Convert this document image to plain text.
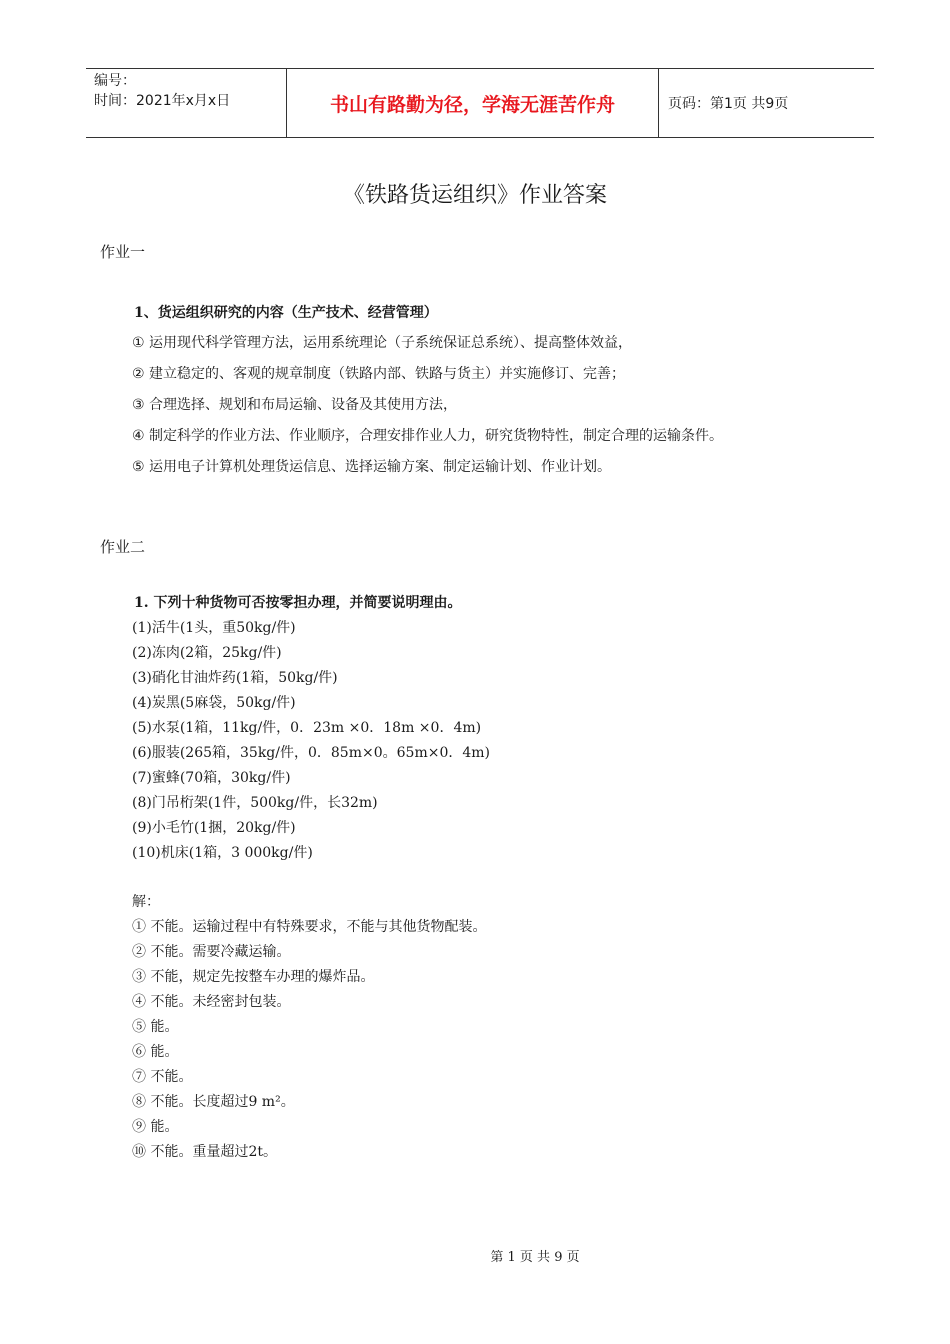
编号：
时间：2021年x月x日	书山有路勤为径，学海无涯苦作舟	页码：第1页 共9页
《铁路货运组织》作业答案
作业一
1、货运组织研究的内容（生产技术、经营管理）
① 运用现代科学管理方法，运用系统理论（子系统保证总系统）、提高整体效益，
② 建立稳定的、客观的规章制度（铁路内部、铁路与货主）并实施修订、完善；
③ 合理选择、规划和布局运输、设备及其使用方法，
④ 制定科学的作业方法、作业顺序，合理安排作业人力，研究货物特性，制定合理的运输条件。
⑤ 运用电子计算机处理货运信息、选择运输方案、制定运输计划、作业计划。
作业二
1. 下列十种货物可否按零担办理，并简要说明理由。
(1)活牛(1头，重50kg/件)
(2)冻肉(2箱，25kg/件)
(3)硝化甘油炸药(1箱，50kg/件)
(4)炭黑(5麻袋，50kg/件)
(5)水泵(1箱，11kg/件，0．23m ×0．18m ×0．4m)
(6)服装(265箱，35kg/件，0．85m×0。65m×0．4m)
(7)蜜蜂(70箱，30kg/件)
(8)门吊桁架(1件，500kg/件，长32m)
(9)小毛竹(1捆，20kg/件)
(10)机床(1箱，3 000kg/件)
解：
① 不能。运输过程中有特殊要求，不能与其他货物配装。
② 不能。需要冷藏运输。
③ 不能，规定先按整车办理的爆炸品。
④ 不能。未经密封包装。
⑤ 能。
⑥ 能。
⑦ 不能。
⑧ 不能。长度超过9 m²。
⑨ 能。
⑩ 不能。重量超过2t。
第 1 页 共 9 页
